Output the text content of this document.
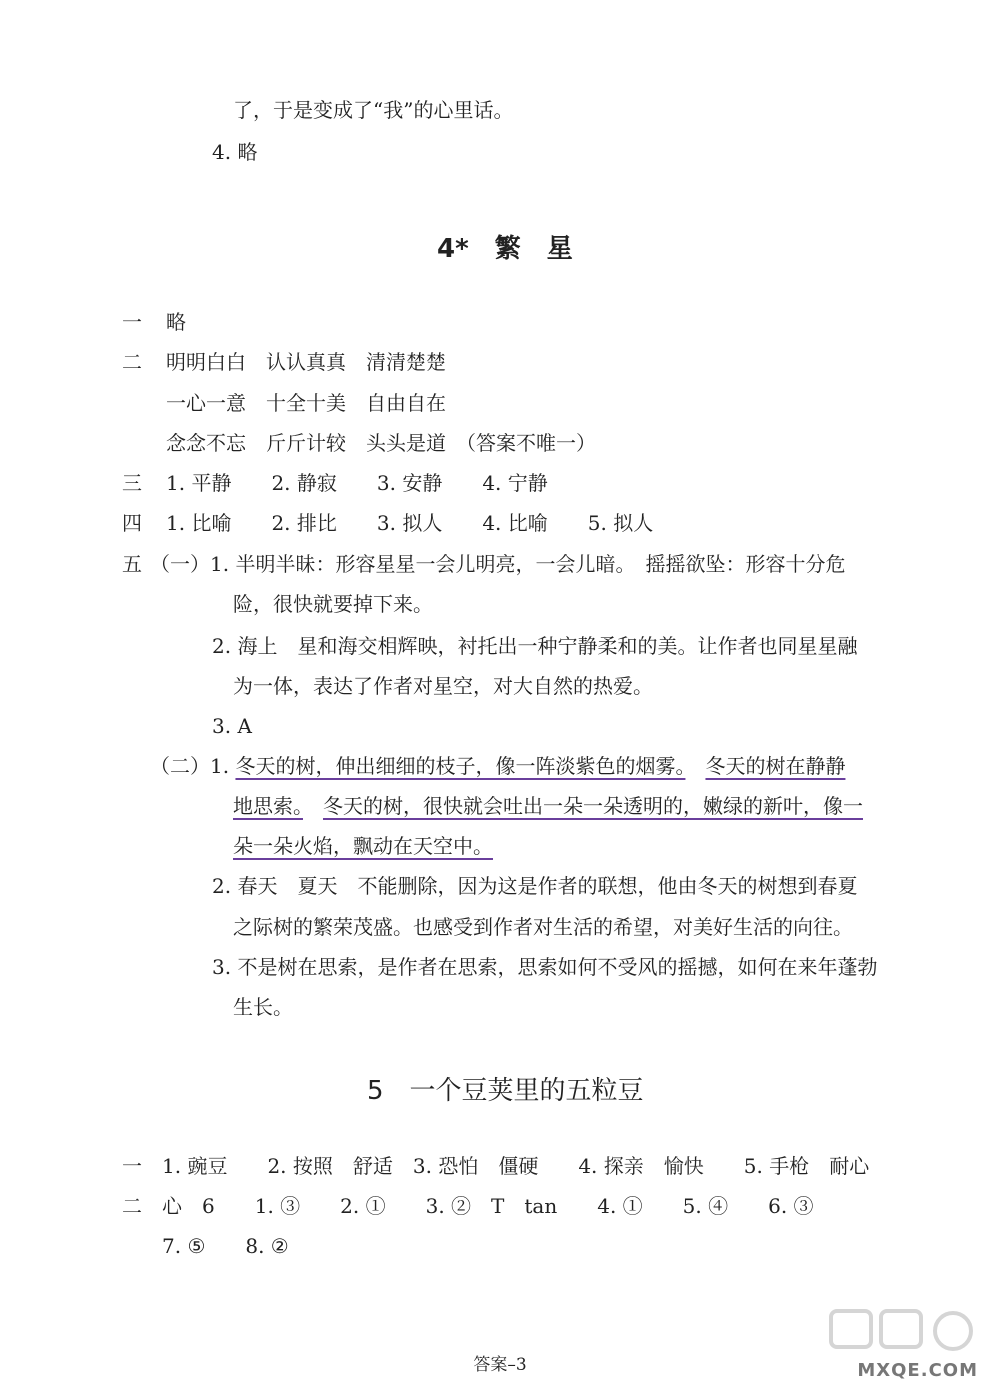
了，于是变成了“我”的心里话。
4. 略
4*　繁　星
一 略
二 明明白白　认认真真　清清楚楚
一心一意　十全十美　自由自在
念念不忘　斤斤计较　头头是道　（答案不唯一）
三 1. 平静　　2. 静寂　　3. 安静　　4. 宁静
四 1. 比喻　　2. 排比　　3. 拟人　　4. 比喻　　5. 拟人
五 （一）1. 半明半昧：形容星星一会儿明亮，一会儿暗。　摇摇欲坠：形容十分危
险，很快就要掉下来。
2. 海上　星和海交相辉映，衬托出一种宁静柔和的美。让作者也同星星融
为一体，表达了作者对星空，对大自然的热爱。
3. A
（二）1. 冬天的树，伸出细细的枝子，像一阵淡紫色的烟雾。　 冬天的树在静静
地思索。　 冬天的树，很快就会吐出一朵一朵透明的，嫩绿的新叶，像一
朵一朵火焰，飘动在天空中。
2. 春天　夏天　不能删除，因为这是作者的联想，他由冬天的树想到春夏
之际树的繁荣茂盛。也感受到作者对生活的希望，对美好生活的向往。
3. 不是树在思索，是作者在思索，思索如何不受风的摇撼，如何在来年蓬勃
生长。
5　一个豆荚里的五粒豆
一 1. 豌豆　　2. 按照　舒适　3. 恐怕　僵硬　　4. 探亲　愉快　　5. 手枪　耐心
二 心　6　　1. ③　　2. ①　　3. ②　T　tan　　4. ①　　5. ④　　6. ③
7. ⑤　　8. ②
答案–3	MXQE.COM
